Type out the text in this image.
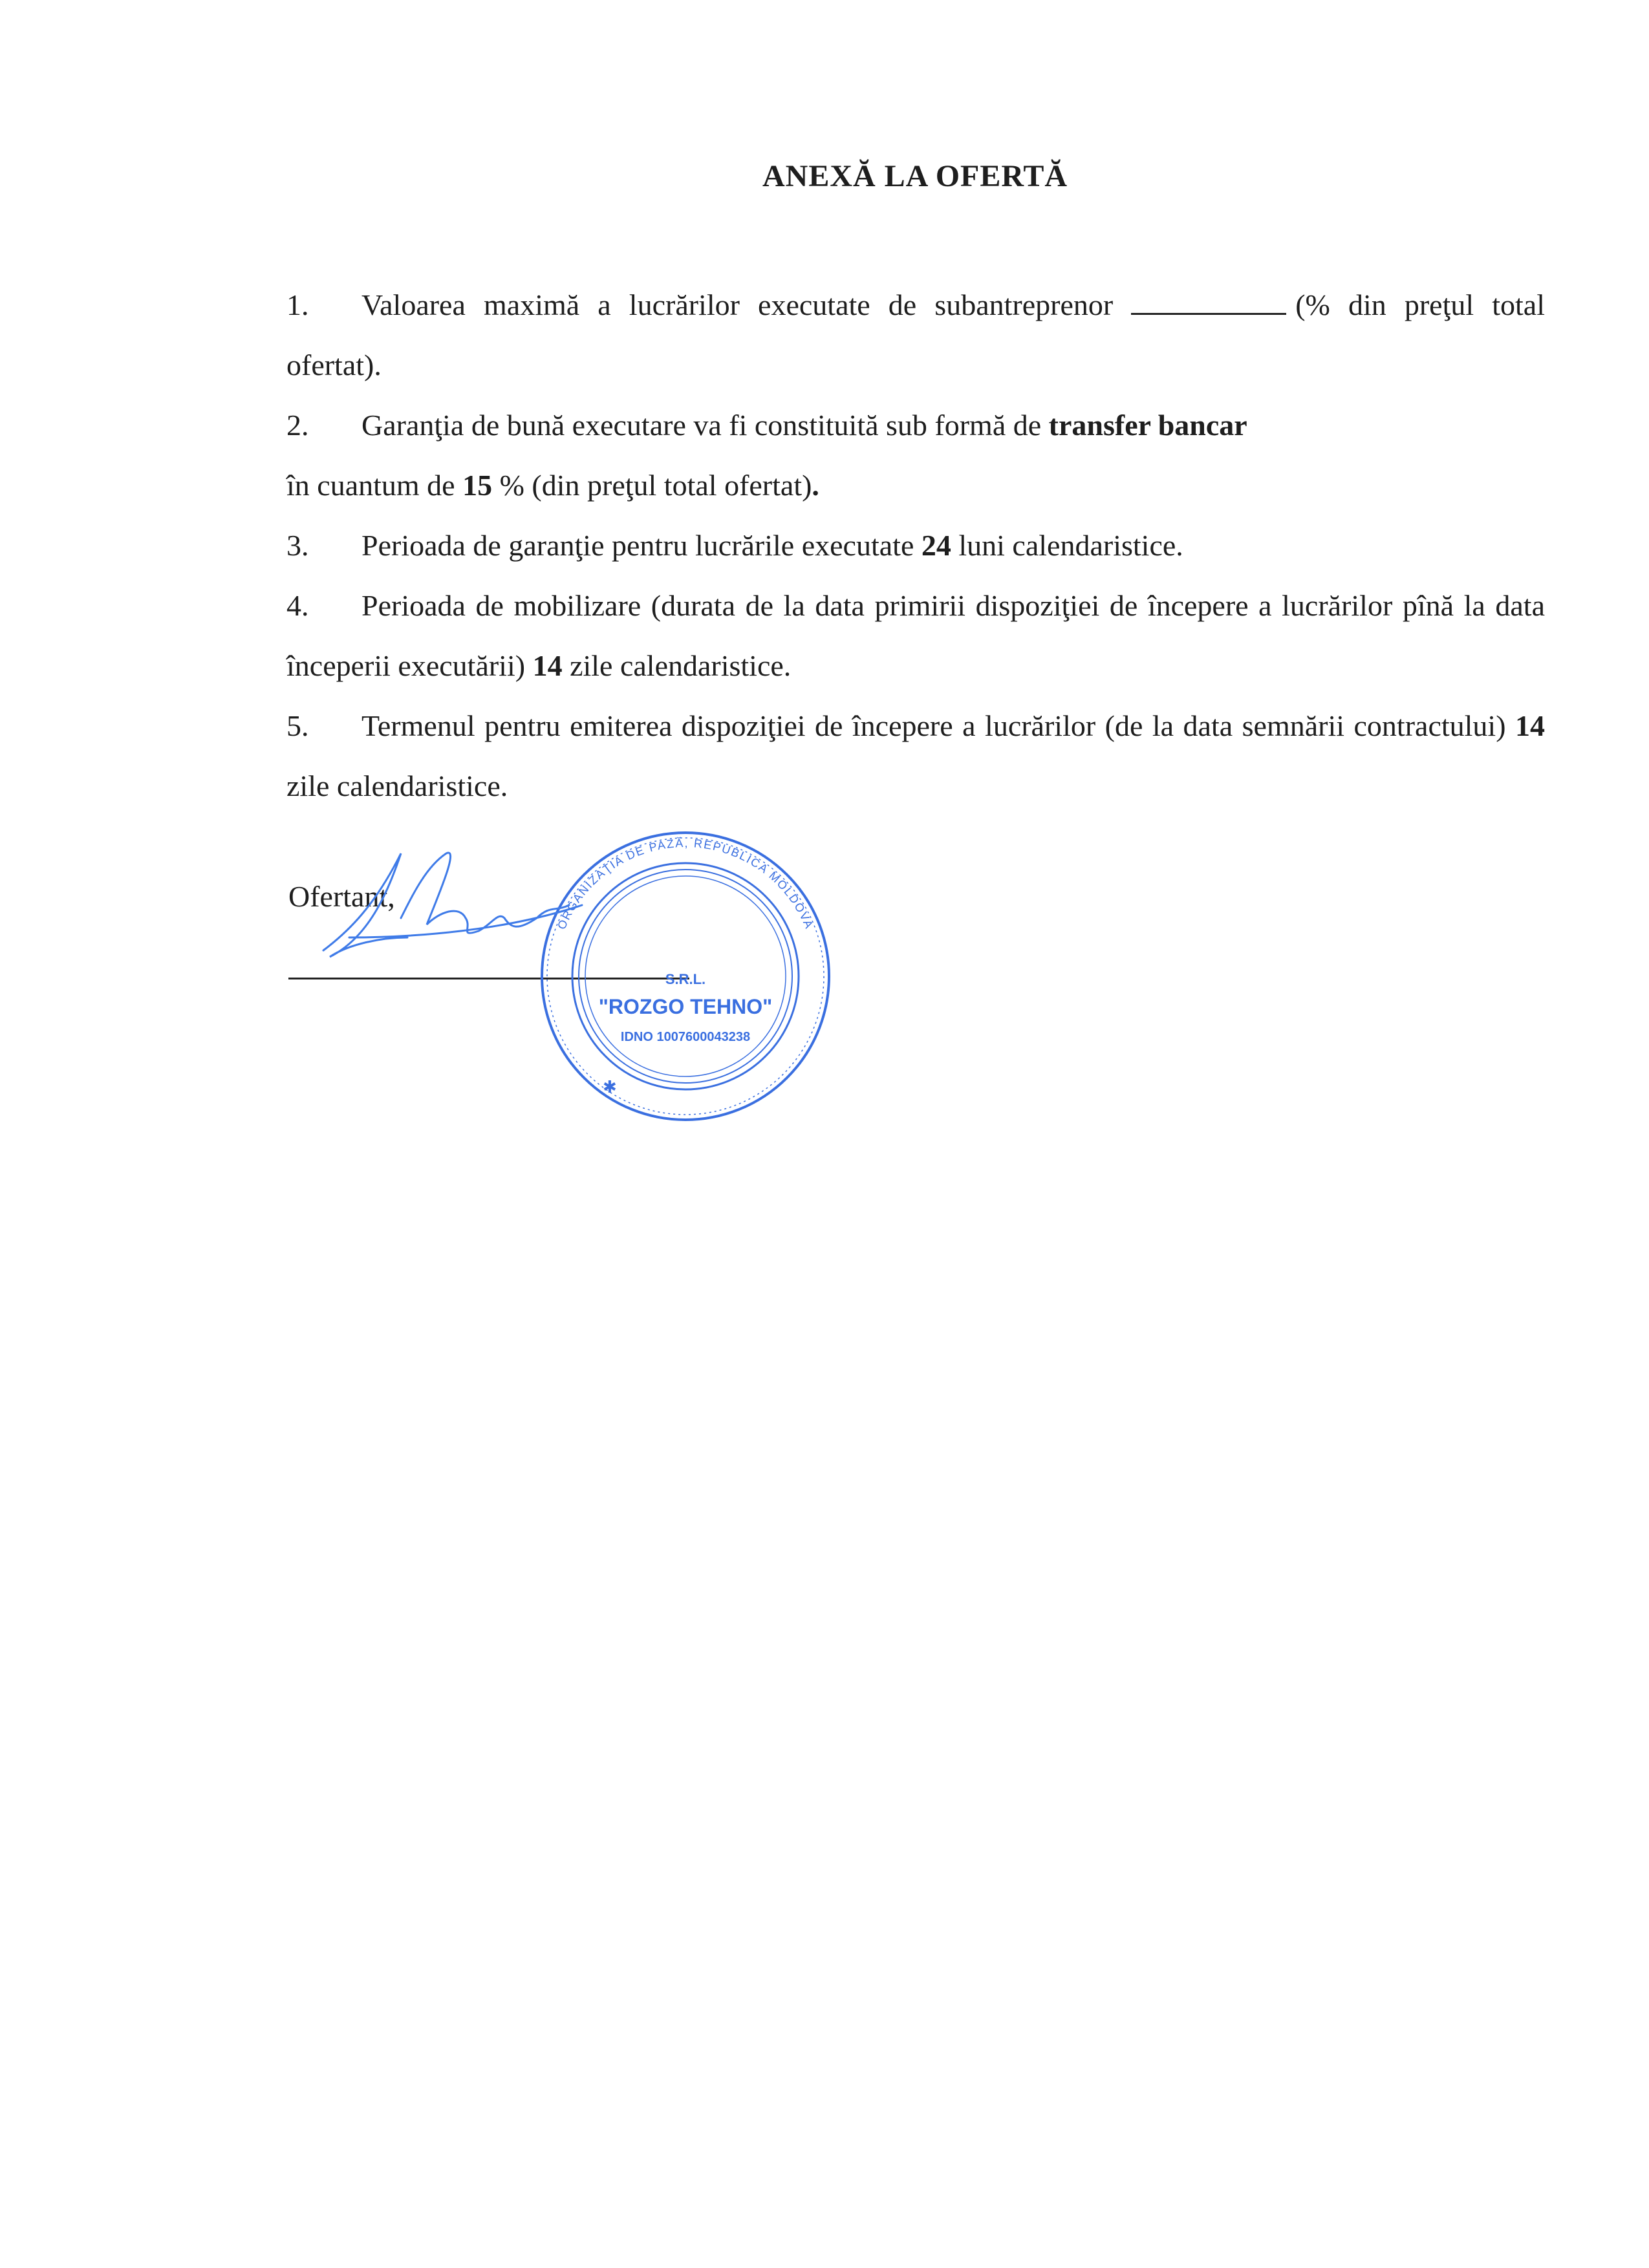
ANEXĂ LA OFERTĂ
1. Valoarea maximă a lucrărilor executate de subantreprenor	(% din preţul total ofertat).
2. Garanţia de bună executare va fi constituită sub formă de transfer bancar
în cuantum de 15 % (din preţul total ofertat).
3. Perioada de garanţie pentru lucrările executate 24 luni calendaristice.
4. Perioada de mobilizare (durata de la data primirii dispoziţiei de începere a lucrărilor pînă la data începerii executării) 14 zile calendaristice.
5. Termenul pentru emiterea dispoziţiei de începere a lucrărilor (de la data semnării contractului) 14 zile calendaristice.
Ofertant,
ORGANIZAŢIA DE PAZĂ, REPUBLICA MOLDOVA
S.R.L.
"ROZGO TEHNO"
IDNO 1007600043238
✱
